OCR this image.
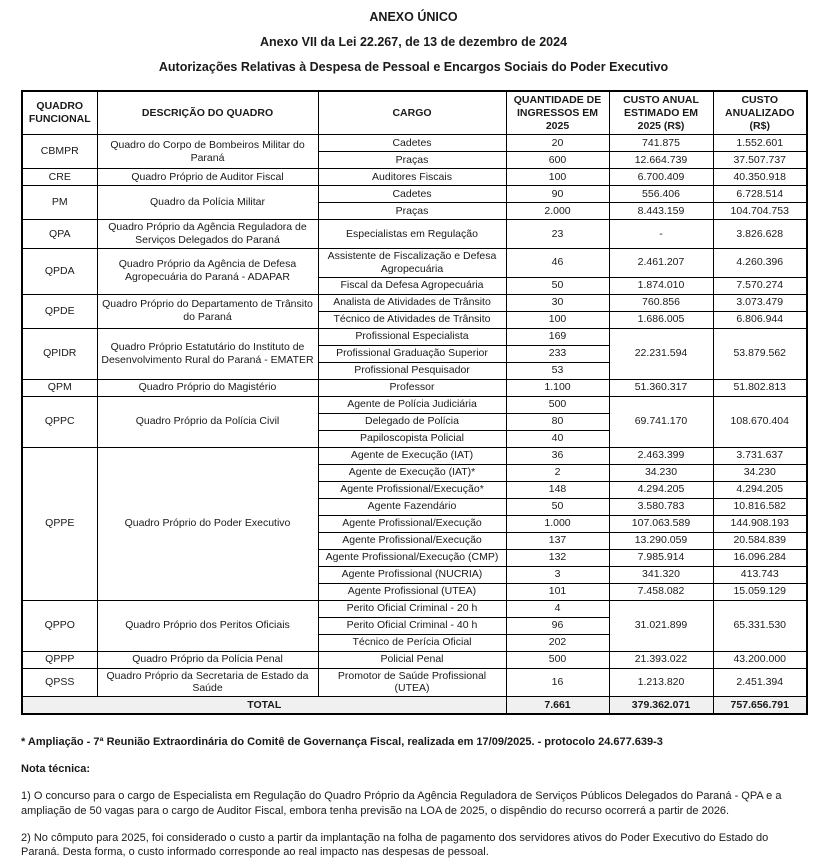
ANEXO ÚNICO

Anexo VII da Lei 22.267, de 13 de dezembro de 2024

Autorizações Relativas à Despesa de Pessoal e Encargos Sociais do Poder Executivo

QUADRO FUNCIONAL	DESCRIÇÃO DO QUADRO	CARGO	QUANTIDADE DE INGRESSOS EM 2025	CUSTO ANUAL ESTIMADO EM 2025 (R$)	CUSTO ANUALIZADO (R$)
CBMPR	Quadro do Corpo de Bombeiros Militar do Paraná	Cadetes	20	741.875	1.552.601
		Praças	600	12.664.739	37.507.737
CRE	Quadro Próprio de Auditor Fiscal	Auditores Fiscais	100	6.700.409	40.350.918
PM	Quadro da Polícia Militar	Cadetes	90	556.406	6.728.514
		Praças	2.000	8.443.159	104.704.753
QPA	Quadro Próprio da Agência Reguladora de Serviços Delegados do Paraná	Especialistas em Regulação	23	-	3.826.628
QPDA	Quadro Próprio da Agência de Defesa Agropecuária do Paraná - ADAPAR	Assistente de Fiscalização e Defesa Agropecuária	46	2.461.207	4.260.396
		Fiscal da Defesa Agropecuária	50	1.874.010	7.570.274
QPDE	Quadro Próprio do Departamento de Trânsito do Paraná	Analista de Atividades de Trânsito	30	760.856	3.073.479
		Técnico de Atividades de Trânsito	100	1.686.005	6.806.944
QPIDR	Quadro Próprio Estatutário do Instituto de Desenvolvimento Rural do Paraná - EMATER	Profissional Especialista	169	22.231.594	53.879.562
		Profissional Graduação Superior	233		
		Profissional Pesquisador	53		
QPM	Quadro Próprio do Magistério	Professor	1.100	51.360.317	51.802.813
QPPC	Quadro Próprio da Polícia Civil	Agente de Polícia Judiciária	500	69.741.170	108.670.404
		Delegado de Polícia	80		
		Papiloscopista Policial	40		
QPPE	Quadro Próprio do Poder Executivo	Agente de Execução (IAT)	36	2.463.399	3.731.637
		Agente de Execução (IAT)*	2	34.230	34.230
		Agente Profissional/Execução*	148	4.294.205	4.294.205
		Agente Fazendário	50	3.580.783	10.816.582
		Agente Profissional/Execução	1.000	107.063.589	144.908.193
		Agente Profissional/Execução	137	13.290.059	20.584.839
		Agente Profissional/Execução (CMP)	132	7.985.914	16.096.284
		Agente Profissional (NUCRIA)	3	341.320	413.743
		Agente Profissional (UTEA)	101	7.458.082	15.059.129
QPPO	Quadro Próprio dos Peritos Oficiais	Perito Oficial Criminal - 20 h	4	31.021.899	65.331.530
		Perito Oficial Criminal - 40 h	96		
		Técnico de Perícia Oficial	202		
QPPP	Quadro Próprio da Polícia Penal	Policial Penal	500	21.393.022	43.200.000
QPSS	Quadro Próprio da Secretaria de Estado da Saúde	Promotor de Saúde Profissional (UTEA)	16	1.213.820	2.451.394
TOTAL			7.661	379.362.071	757.656.791

* Ampliação - 7ª Reunião Extraordinária do Comitê de Governança Fiscal, realizada em 17/09/2025. - protocolo 24.677.639-3

Nota técnica:

1) O concurso para o cargo de Especialista em Regulação do Quadro Próprio da Agência Reguladora de Serviços Públicos Delegados do Paraná - QPA e a ampliação de 50 vagas para o cargo de Auditor Fiscal, embora tenha previsão na LOA de 2025, o dispêndio do recurso ocorrerá a partir de 2026.

2) No cômputo para 2025, foi considerado o custo a partir da implantação na folha de pagamento dos servidores ativos do Poder Executivo do Estado do Paraná. Desta forma, o custo informado corresponde ao real impacto nas despesas de pessoal.
